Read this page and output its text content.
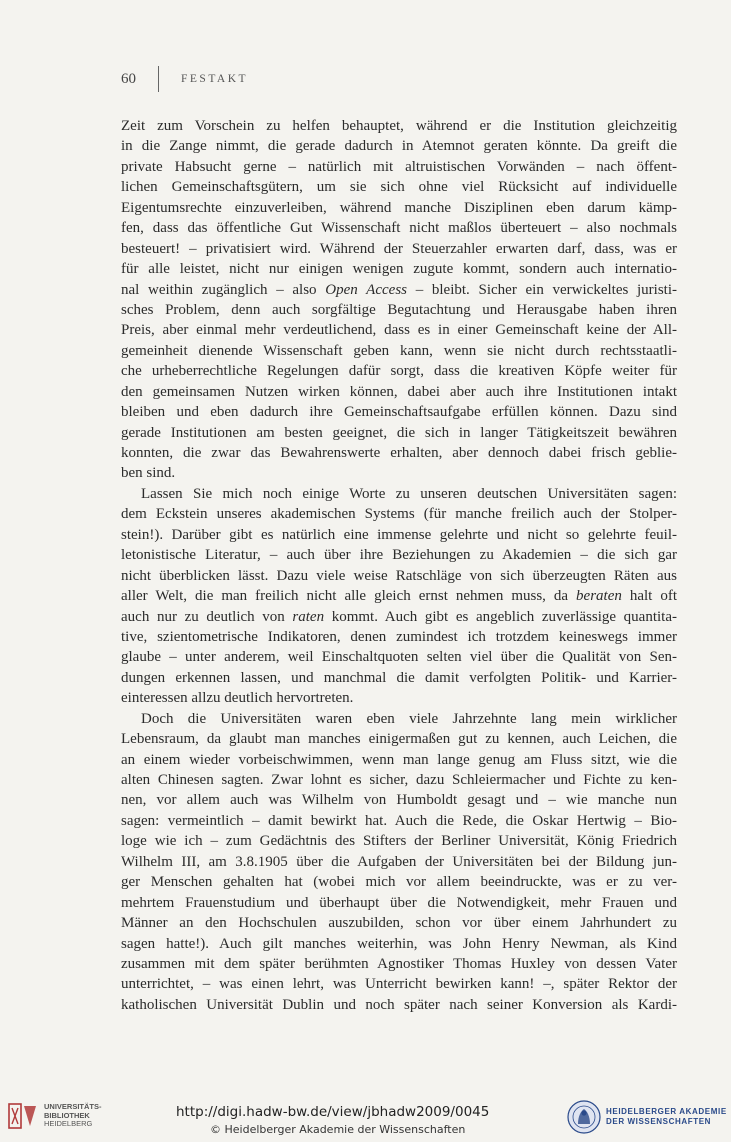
60	FESTAKT
Zeit zum Vorschein zu helfen behauptet, während er die Institution gleichzeitig
in die Zange nimmt, die gerade dadurch in Atemnot geraten könnte. Da greift die
private Habsucht gerne – natürlich mit altruistischen Vorwänden – nach öffent-
lichen Gemeinschaftsgütern, um sie sich ohne viel Rücksicht auf individuelle
Eigentumsrechte einzuverleiben, während manche Disziplinen eben darum kämp-
fen, dass das öffentliche Gut Wissenschaft nicht maßlos überteuert – also nochmals
besteuert! – privatisiert wird. Während der Steuerzahler erwarten darf, dass, was er
für alle leistet, nicht nur einigen wenigen zugute kommt, sondern auch internatio-
nal weithin zugänglich – also Open Access – bleibt. Sicher ein verwickeltes juristi-
sches Problem, denn auch sorgfältige Begutachtung und Herausgabe haben ihren
Preis, aber einmal mehr verdeutlichend, dass es in einer Gemeinschaft keine der All-
gemeinheit dienende Wissenschaft geben kann, wenn sie nicht durch rechtsstaatli-
che urheberrechtliche Regelungen dafür sorgt, dass die kreativen Köpfe weiter für
den gemeinsamen Nutzen wirken können, dabei aber auch ihre Institutionen intakt
bleiben und eben dadurch ihre Gemeinschaftsaufgabe erfüllen können. Dazu sind
gerade Institutionen am besten geeignet, die sich in langer Tätigkeitszeit bewähren
konnten, die zwar das Bewahrenswerte erhalten, aber dennoch dabei frisch geblie-
ben sind.
Lassen Sie mich noch einige Worte zu unseren deutschen Universitäten sagen:
dem Eckstein unseres akademischen Systems (für manche freilich auch der Stolper-
stein!). Darüber gibt es natürlich eine immense gelehrte und nicht so gelehrte feuil-
letonistische Literatur, – auch über ihre Beziehungen zu Akademien – die sich gar
nicht überblicken lässt. Dazu viele weise Ratschläge von sich überzeugten Räten aus
aller Welt, die man freilich nicht alle gleich ernst nehmen muss, da beraten halt oft
auch nur zu deutlich von raten kommt. Auch gibt es angeblich zuverlässige quantita-
tive, szientometrische Indikatoren, denen zumindest ich trotzdem keineswegs immer
glaube – unter anderem, weil Einschaltquoten selten viel über die Qualität von Sen-
dungen erkennen lassen, und manchmal die damit verfolgten Politik- und Karrier-
einteressen allzu deutlich hervortreten.
Doch die Universitäten waren eben viele Jahrzehnte lang mein wirklicher
Lebensraum, da glaubt man manches einigermaßen gut zu kennen, auch Leichen, die
an einem wieder vorbeischwimmen, wenn man lange genug am Fluss sitzt, wie die
alten Chinesen sagten. Zwar lohnt es sicher, dazu Schleiermacher und Fichte zu ken-
nen, vor allem auch was Wilhelm von Humboldt gesagt und – wie manche nun
sagen: vermeintlich – damit bewirkt hat. Auch die Rede, die Oskar Hertwig – Bio-
loge wie ich – zum Gedächtnis des Stifters der Berliner Universität, König Friedrich
Wilhelm III, am 3.8.1905 über die Aufgaben der Universitäten bei der Bildung jun-
ger Menschen gehalten hat (wobei mich vor allem beeindruckte, was er zu ver-
mehrtem Frauenstudium und überhaupt über die Notwendigkeit, mehr Frauen und
Männer an den Hochschulen auszubilden, schon vor über einem Jahrhundert zu
sagen hatte!). Auch gilt manches weiterhin, was John Henry Newman, als Kind
zusammen mit dem später berühmten Agnostiker Thomas Huxley von dessen Vater
unterrichtet, – was einen lehrt, was Unterricht bewirken kann! –, später Rektor der
katholischen Universität Dublin und noch später nach seiner Konversion als Kardi-
UNIVERSITÄTS-
BIBLIOTHEK
HEIDELBERG
http://digi.hadw-bw.de/view/jbhadw2009/0045
© Heidelberger Akademie der Wissenschaften
HEIDELBERGER AKADEMIE
DER WISSENSCHAFTEN
